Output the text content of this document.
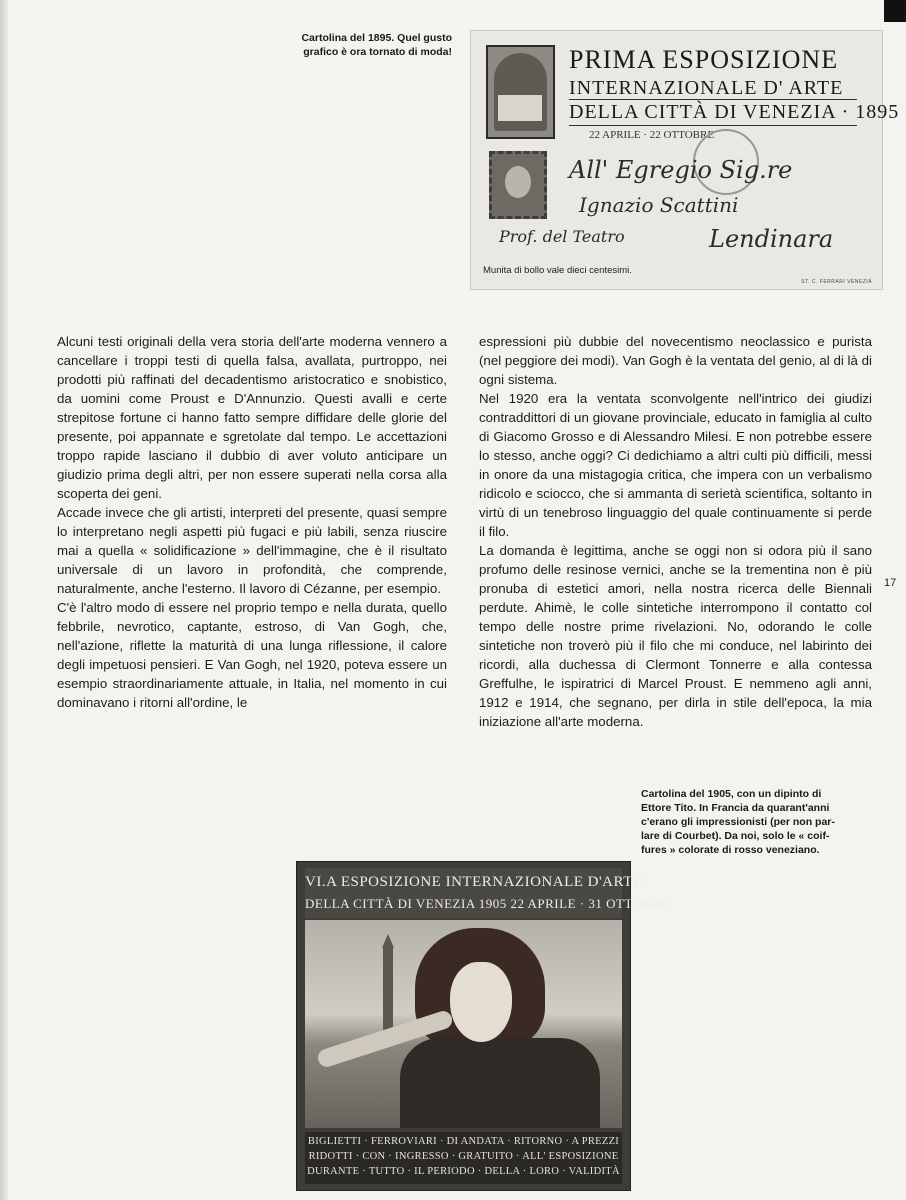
Cartolina del 1895. Quel gusto
grafico è ora tornato di moda!	PRIMA ESPOSIZIONE
INTERNAZIONALE D' ARTE
DELLA CITTÀ DI VENEZIA · 1895
22 APRILE · 22 OTTOBRE
All' Egregio Sig.re
Ignazio Scattini
Prof. del Teatro	Lendinara
Munita di bollo vale dieci centesimi.
ST. C. FERRARI VENEZIA

Alcuni testi originali della vera storia dell'arte moderna vennero a cancellare i troppi testi di quella falsa, avallata, purtroppo, nei prodotti più raffinati del decadentismo aristocratico e snobistico, da uomini come Proust e D'Annunzio. Questi avalli e certe strepitose fortune ci hanno fatto sempre diffidare delle glorie del presente, poi appannate e sgretolate dal tempo. Le accettazioni troppo rapide lasciano il dubbio di aver voluto anticipare un giudizio prima degli altri, per non essere superati nella corsa alla scoperta dei geni.

Accade invece che gli artisti, interpreti del presente, quasi sempre lo interpretano negli aspetti più fugaci e più labili, senza riuscire mai a quella « solidificazione » dell'immagine, che è il risultato universale di un lavoro in profondità, che comprende, naturalmente, anche l'esterno. Il lavoro di Cézanne, per esempio.

C'è l'altro modo di essere nel proprio tempo e nella durata, quello febbrile, nevrotico, captante, estroso, di Van Gogh, che, nell'azione, riflette la maturità di una lunga riflessione, il calore degli impetuosi pensieri. E Van Gogh, nel 1920, poteva essere un esempio straordinariamente attuale, in Italia, nel momento in cui dominavano i ritorni all'ordine, le

espressioni più dubbie del novecentismo neoclassico e purista (nel peggiore dei modi). Van Gogh è la ventata del genio, al di là di ogni sistema.

Nel 1920 era la ventata sconvolgente nell'intrico dei giudizi contraddittori di un giovane provinciale, educato in famiglia al culto di Giacomo Grosso e di Alessandro Milesi. E non potrebbe essere lo stesso, anche oggi? Ci dedichiamo a altri culti più difficili, messi in onore da una mistagogia critica, che impera con un verbalismo ridicolo e sciocco, che si ammanta di serietà scientifica, soltanto in virtù di un tenebroso linguaggio del quale continuamente si perde il filo.

La domanda è legittima, anche se oggi non si odora più il sano profumo delle resinose vernici, anche se la trementina non è più pronuba di estetici amori, nella nostra ricerca delle Biennali perdute. Ahimè, le colle sintetiche interrompono il contatto col tempo delle nostre prime rivelazioni. No, odorando le colle sintetiche non troverò più il filo che mi conduce, nel labirinto dei ricordi, alla duchessa di Clermont Tonnerre e alla contessa Greffulhe, le ispiratrici di Marcel Proust. E nemmeno agli anni, 1912 e 1914, che segnano, per dirla in stile dell'epoca, la mia iniziazione all'arte moderna.

17
VI.A ESPOSIZIONE INTERNAZIONALE D'ARTE
DELLA CITTÀ DI VENEZIA 1905 22 APRILE · 31 OTTOBRE
BIGLIETTI · FERROVIARI · DI ANDATA · RITORNO · A PREZZI
RIDOTTI · CON · INGRESSO · GRATUITO · ALL' ESPOSIZIONE
DURANTE · TUTTO · IL PERIODO · DELLA · LORO · VALIDITÀ
Cartolina del 1905, con un dipinto di
Ettore Tito. In Francia da quarant'anni
c'erano gli impressionisti (per non par-
lare di Courbet). Da noi, solo le « coif-
fures » colorate di rosso veneziano.
